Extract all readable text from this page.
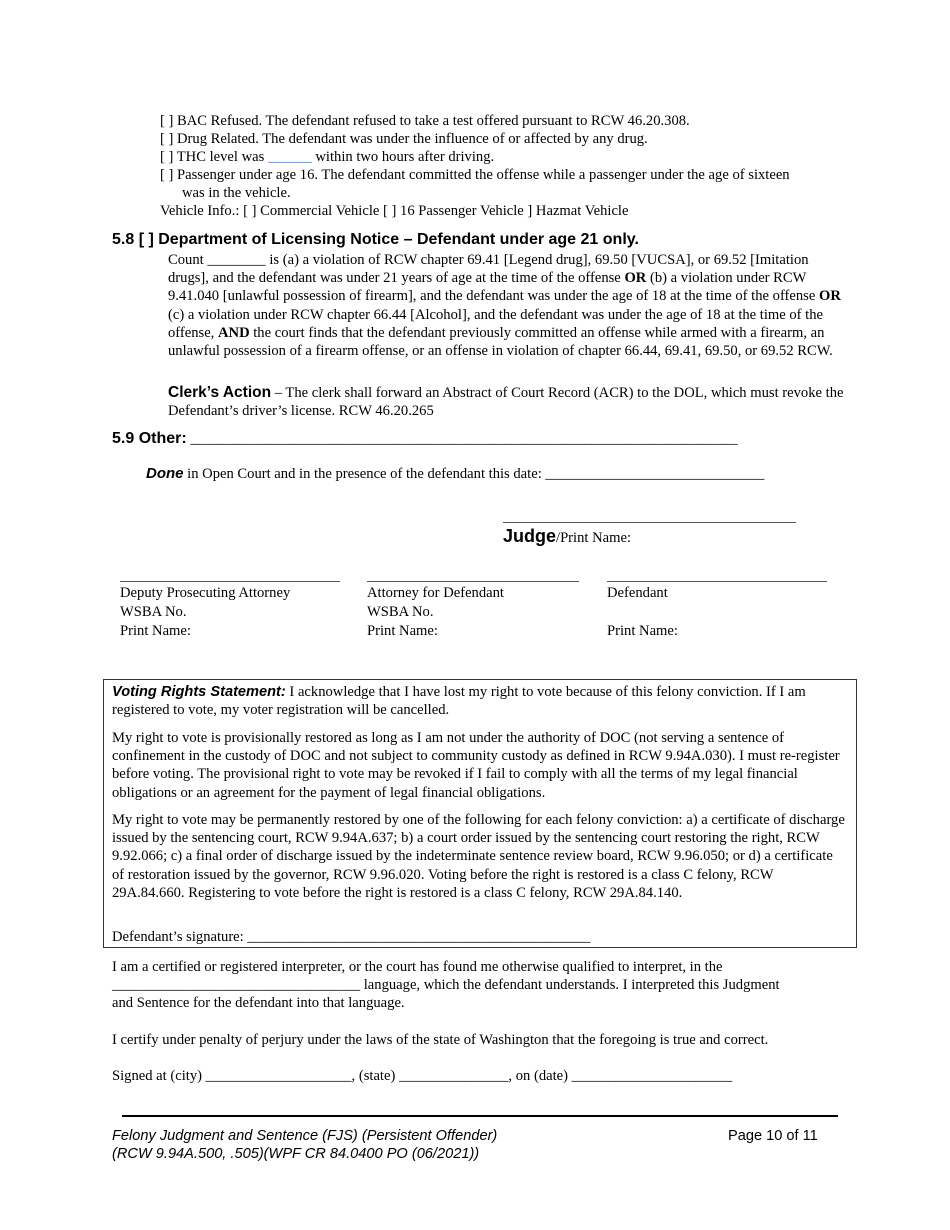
[ ] BAC Refused. The defendant refused to take a test offered pursuant to RCW 46.20.308.
[ ] Drug Related. The defendant was under the influence of or affected by any drug.
[ ] THC level was ______ within two hours after driving.
[ ] Passenger under age 16. The defendant committed the offense while a passenger under the age of sixteen
was in the vehicle.
Vehicle Info.: [ ] Commercial Vehicle [ ] 16 Passenger Vehicle ] Hazmat Vehicle
5.8 [ ] Department of Licensing Notice – Defendant under age 21 only.
Count ________ is (a) a violation of RCW chapter 69.41 [Legend drug], 69.50 [VUCSA], or 69.52 [Imitation drugs], and the defendant was under 21 years of age at the time of the offense OR (b) a violation under RCW 9.41.040 [unlawful possession of firearm], and the defendant was under the age of 18 at the time of the offense OR (c) a violation under RCW chapter 66.44 [Alcohol], and the defendant was under the age of 18 at the time of the offense, AND the court finds that the defendant previously committed an offense while armed with a firearm, an unlawful possession of a firearm offense, or an offense in violation of chapter 66.44, 69.41, 69.50, or 69.52 RCW.
Clerk’s Action – The clerk shall forward an Abstract of Court Record (ACR) to the DOL, which must revoke the Defendant’s driver’s license. RCW 46.20.265
5.9 Other: ___________________________________________________________________________
Done in Open Court and in the presence of the defendant this date: ______________________________
Judge/Print Name:
Deputy Prosecuting Attorney
WSBA No.
Print Name:
Attorney for Defendant
WSBA No.
Print Name:
Defendant
Print Name:
Voting Rights Statement: I acknowledge that I have lost my right to vote because of this felony conviction. If I am registered to vote, my voter registration will be cancelled.
My right to vote is provisionally restored as long as I am not under the authority of DOC (not serving a sentence of confinement in the custody of DOC and not subject to community custody as defined in RCW 9.94A.030). I must re-register before voting. The provisional right to vote may be revoked if I fail to comply with all the terms of my legal financial obligations or an agreement for the payment of legal financial obligations.
My right to vote may be permanently restored by one of the following for each felony conviction: a) a certificate of discharge issued by the sentencing court, RCW 9.94A.637; b) a court order issued by the sentencing court restoring the right, RCW 9.92.066; c) a final order of discharge issued by the indeterminate sentence review board, RCW 9.96.050; or d) a certificate of restoration issued by the governor, RCW 9.96.020. Voting before the right is restored is a class C felony, RCW 29A.84.660. Registering to vote before the right is restored is a class C felony, RCW 29A.84.140.
Defendant’s signature: _______________________________________________
I am a certified or registered interpreter, or the court has found me otherwise qualified to interpret, in the
__________________________________ language, which the defendant understands. I interpreted this Judgment
and Sentence for the defendant into that language.
I certify under penalty of perjury under the laws of the state of Washington that the foregoing is true and correct.
Signed at (city) ____________________, (state) _______________, on (date) ______________________
Felony Judgment and Sentence (FJS) (Persistent Offender)
(RCW 9.94A.500, .505)(WPF CR 84.0400 PO (06/2021))
Page 10 of 11
